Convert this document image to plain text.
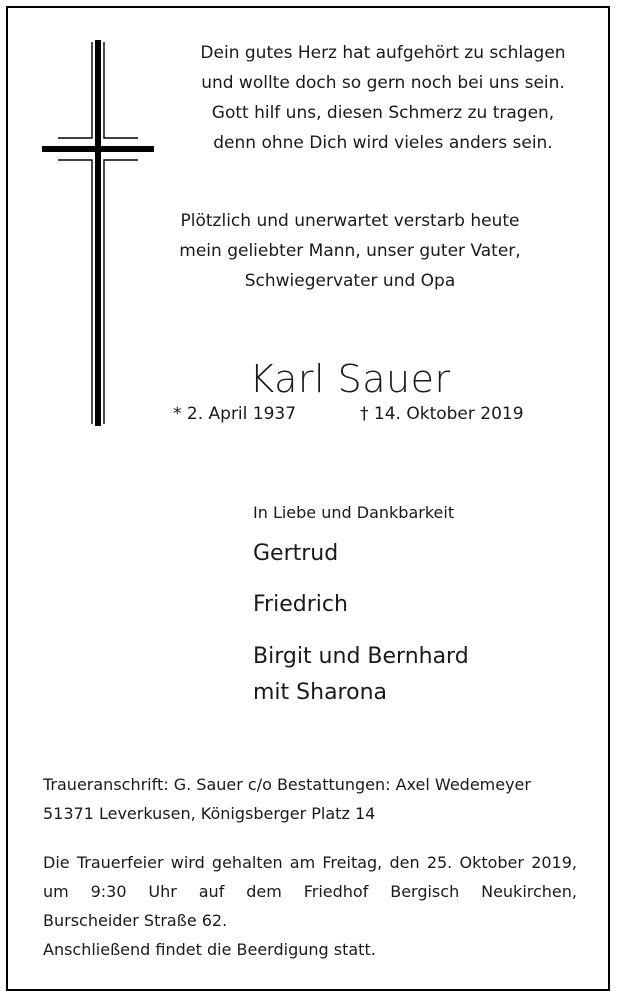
Dein gutes Herz hat aufgehört zu schlagen
und wollte doch so gern noch bei uns sein.
Gott hilf uns, diesen Schmerz zu tragen,
denn ohne Dich wird vieles anders sein.
Plötzlich und unerwartet verstarb heute
mein geliebter Mann, unser guter Vater,
Schwiegervater und Opa
Karl Sauer
* 2. April 1937	† 14. Oktober 2019
In Liebe und Dankbarkeit
Gertrud
Friedrich
Birgit und Bernhard
mit Sharona
Traueranschrift: G. Sauer c/o Bestattungen: Axel Wedemeyer
51371 Leverkusen, Königsberger Platz 14
Die Trauerfeier wird gehalten am Freitag, den 25. Oktober 2019,
um 9:30 Uhr auf dem Friedhof Bergisch Neukirchen,
Burscheider Straße 62.
Anschließend findet die Beerdigung statt.
